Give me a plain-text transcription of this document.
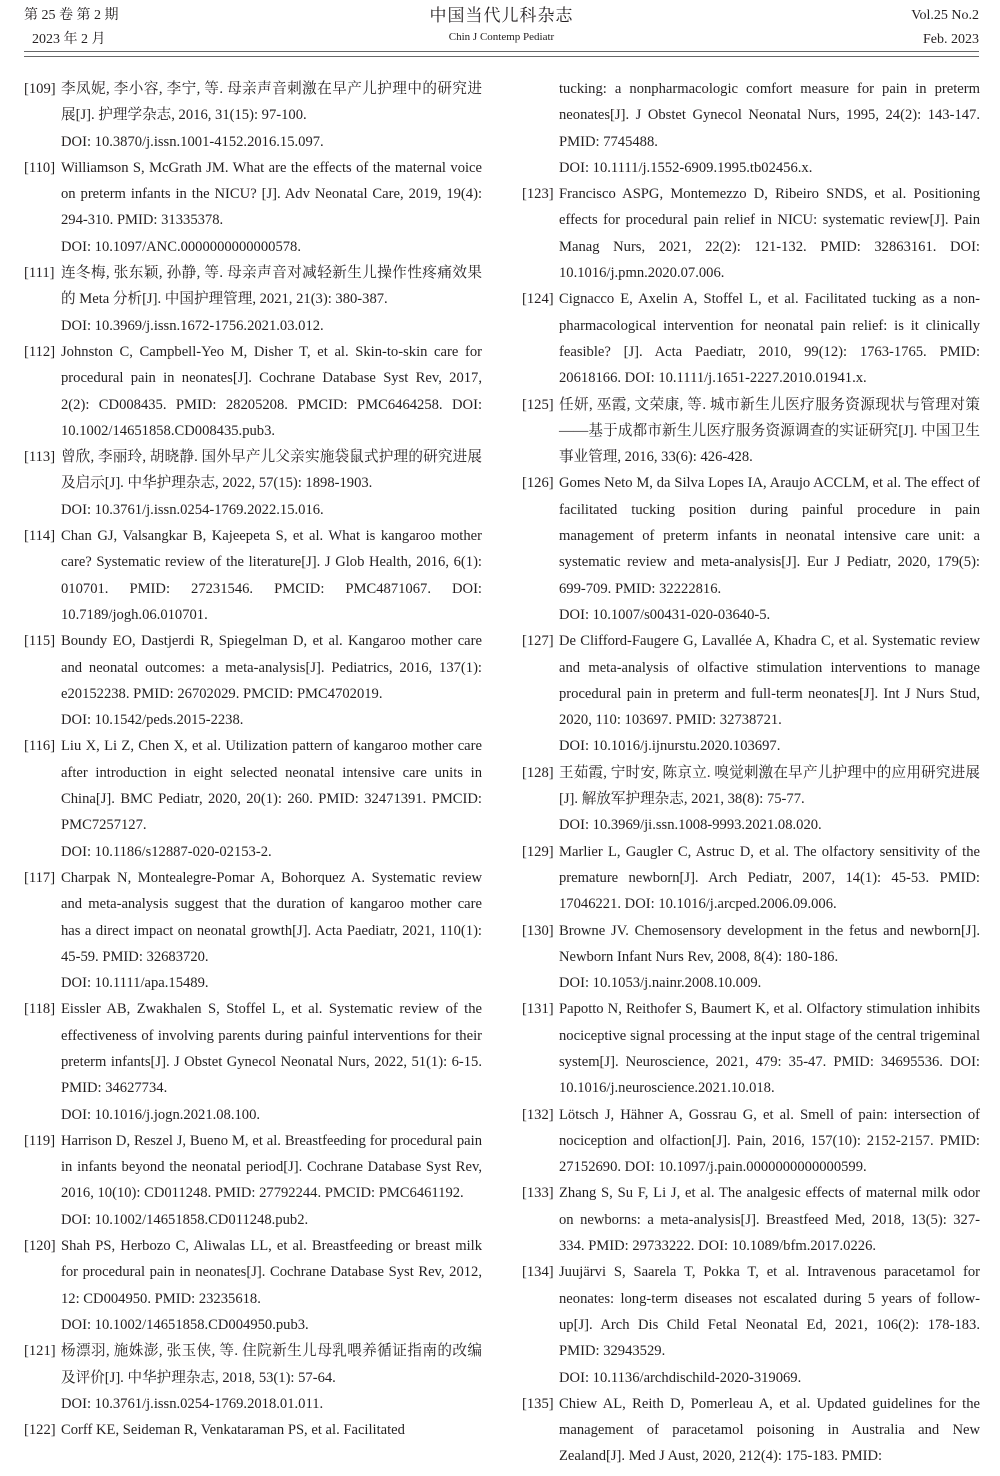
第 25 卷 第 2 期
2023 年 2 月
中国当代儿科杂志
Chin J Contemp Pediatr
Vol.25 No.2
Feb. 2023
[109] 李凤妮, 李小容, 李宁, 等. 母亲声音刺激在早产儿护理中的研究进展[J]. 护理学杂志, 2016, 31(15): 97-100.
DOI: 10.3870/j.issn.1001-4152.2016.15.097.
[110] Williamson S, McGrath JM. What are the effects of the maternal voice on preterm infants in the NICU? [J]. Adv Neonatal Care, 2019, 19(4): 294-310. PMID: 31335378.
DOI: 10.1097/ANC.0000000000000578.
[111] 连冬梅, 张东颖, 孙静, 等. 母亲声音对减轻新生儿操作性疼痛效果的 Meta 分析[J]. 中国护理管理, 2021, 21(3): 380-387.
DOI: 10.3969/j.issn.1672-1756.2021.03.012.
[112] Johnston C, Campbell-Yeo M, Disher T, et al. Skin-to-skin care for procedural pain in neonates[J]. Cochrane Database Syst Rev, 2017, 2(2): CD008435. PMID: 28205208. PMCID: PMC6464258. DOI: 10.1002/14651858.CD008435.pub3.
[113] 曾欣, 李丽玲, 胡晓静. 国外早产儿父亲实施袋鼠式护理的研究进展及启示[J]. 中华护理杂志, 2022, 57(15): 1898-1903.
DOI: 10.3761/j.issn.0254-1769.2022.15.016.
[114] Chan GJ, Valsangkar B, Kajeepeta S, et al. What is kangaroo mother care? Systematic review of the literature[J]. J Glob Health, 2016, 6(1): 010701. PMID: 27231546. PMCID: PMC4871067. DOI: 10.7189/jogh.06.010701.
[115] Boundy EO, Dastjerdi R, Spiegelman D, et al. Kangaroo mother care and neonatal outcomes: a meta-analysis[J]. Pediatrics, 2016, 137(1): e20152238. PMID: 26702029. PMCID: PMC4702019.
DOI: 10.1542/peds.2015-2238.
[116] Liu X, Li Z, Chen X, et al. Utilization pattern of kangaroo mother care after introduction in eight selected neonatal intensive care units in China[J]. BMC Pediatr, 2020, 20(1): 260. PMID: 32471391. PMCID: PMC7257127.
DOI: 10.1186/s12887-020-02153-2.
[117] Charpak N, Montealegre-Pomar A, Bohorquez A. Systematic review and meta-analysis suggest that the duration of kangaroo mother care has a direct impact on neonatal growth[J]. Acta Paediatr, 2021, 110(1): 45-59. PMID: 32683720.
DOI: 10.1111/apa.15489.
[118] Eissler AB, Zwakhalen S, Stoffel L, et al. Systematic review of the effectiveness of involving parents during painful interventions for their preterm infants[J]. J Obstet Gynecol Neonatal Nurs, 2022, 51(1): 6-15. PMID: 34627734.
DOI: 10.1016/j.jogn.2021.08.100.
[119] Harrison D, Reszel J, Bueno M, et al. Breastfeeding for procedural pain in infants beyond the neonatal period[J]. Cochrane Database Syst Rev, 2016, 10(10): CD011248. PMID: 27792244. PMCID: PMC6461192.
DOI: 10.1002/14651858.CD011248.pub2.
[120] Shah PS, Herbozo C, Aliwalas LL, et al. Breastfeeding or breast milk for procedural pain in neonates[J]. Cochrane Database Syst Rev, 2012, 12: CD004950. PMID: 23235618.
DOI: 10.1002/14651858.CD004950.pub3.
[121] 杨漂羽, 施姝澎, 张玉侠, 等. 住院新生儿母乳喂养循证指南的改编及评价[J]. 中华护理杂志, 2018, 53(1): 57-64.
DOI: 10.3761/j.issn.0254-1769.2018.01.011.
[122] Corff KE, Seideman R, Venkataraman PS, et al. Facilitated
tucking: a nonpharmacologic comfort measure for pain in preterm neonates[J]. J Obstet Gynecol Neonatal Nurs, 1995, 24(2): 143-147. PMID: 7745488.
DOI: 10.1111/j.1552-6909.1995.tb02456.x.
[123] Francisco ASPG, Montemezzo D, Ribeiro SNDS, et al. Positioning effects for procedural pain relief in NICU: systematic review[J]. Pain Manag Nurs, 2021, 22(2): 121-132. PMID: 32863161. DOI: 10.1016/j.pmn.2020.07.006.
[124] Cignacco E, Axelin A, Stoffel L, et al. Facilitated tucking as a non-pharmacological intervention for neonatal pain relief: is it clinically feasible? [J]. Acta Paediatr, 2010, 99(12): 1763-1765. PMID: 20618166. DOI: 10.1111/j.1651-2227.2010.01941.x.
[125] 任妍, 巫霞, 文荣康, 等. 城市新生儿医疗服务资源现状与管理对策——基于成都市新生儿医疗服务资源调查的实证研究[J]. 中国卫生事业管理, 2016, 33(6): 426-428.
[126] Gomes Neto M, da Silva Lopes IA, Araujo ACCLM, et al. The effect of facilitated tucking position during painful procedure in pain management of preterm infants in neonatal intensive care unit: a systematic review and meta-analysis[J]. Eur J Pediatr, 2020, 179(5): 699-709. PMID: 32222816.
DOI: 10.1007/s00431-020-03640-5.
[127] De Clifford-Faugere G, Lavallée A, Khadra C, et al. Systematic review and meta-analysis of olfactive stimulation interventions to manage procedural pain in preterm and full-term neonates[J]. Int J Nurs Stud, 2020, 110: 103697. PMID: 32738721.
DOI: 10.1016/j.ijnurstu.2020.103697.
[128] 王茹霞, 宁时安, 陈京立. 嗅觉刺激在早产儿护理中的应用研究进展[J]. 解放军护理杂志, 2021, 38(8): 75-77.
DOI: 10.3969/ji.ssn.1008-9993.2021.08.020.
[129] Marlier L, Gaugler C, Astruc D, et al. The olfactory sensitivity of the premature newborn[J]. Arch Pediatr, 2007, 14(1): 45-53. PMID: 17046221. DOI: 10.1016/j.arcped.2006.09.006.
[130] Browne JV. Chemosensory development in the fetus and newborn[J]. Newborn Infant Nurs Rev, 2008, 8(4): 180-186.
DOI: 10.1053/j.nainr.2008.10.009.
[131] Papotto N, Reithofer S, Baumert K, et al. Olfactory stimulation inhibits nociceptive signal processing at the input stage of the central trigeminal system[J]. Neuroscience, 2021, 479: 35-47. PMID: 34695536. DOI: 10.1016/j.neuroscience.2021.10.018.
[132] Lötsch J, Hähner A, Gossrau G, et al. Smell of pain: intersection of nociception and olfaction[J]. Pain, 2016, 157(10): 2152-2157. PMID: 27152690. DOI: 10.1097/j.pain.0000000000000599.
[133] Zhang S, Su F, Li J, et al. The analgesic effects of maternal milk odor on newborns: a meta-analysis[J]. Breastfeed Med, 2018, 13(5): 327-334. PMID: 29733222. DOI: 10.1089/bfm.2017.0226.
[134] Juujärvi S, Saarela T, Pokka T, et al. Intravenous paracetamol for neonates: long-term diseases not escalated during 5 years of follow-up[J]. Arch Dis Child Fetal Neonatal Ed, 2021, 106(2): 178-183. PMID: 32943529.
DOI: 10.1136/archdischild-2020-319069.
[135] Chiew AL, Reith D, Pomerleau A, et al. Updated guidelines for the management of paracetamol poisoning in Australia and New Zealand[J]. Med J Aust, 2020, 212(4): 175-183. PMID:
